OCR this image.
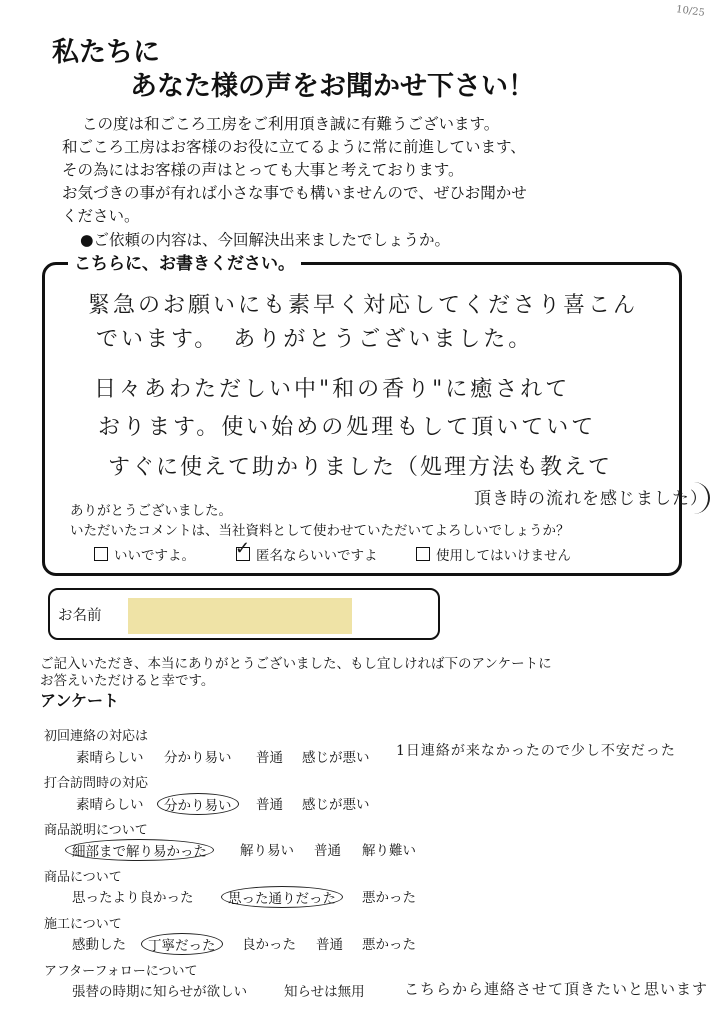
10/25
私たちに
あなた様の声をお聞かせ下さい！
この度は和ごころ工房をご利用頂き誠に有難うございます。
和ごころ工房はお客様のお役に立てるように常に前進しています、
その為にはお客様の声はとっても大事と考えております。
お気づきの事が有れば小さな事でも構いませんので、ぜひお聞かせ
ください。
●ご依頼の内容は、今回解決出来ましたでしょうか。
こちらに、お書きください。
緊急のお願いにも素早く対応してくださり喜こん
でいます。　ありがとうございました。
日々あわただしい中"和の香り"に癒されて
おります。使い始めの処理もして頂いていて
すぐに使えて助かりました（処理方法も教えて
頂き時の流れを感じました）
ありがとうございました。
いただいたコメントは、当社資料として使わせていただいてよろしいでしょうか？
いいですよ。 ✓ 匿名ならいいですよ	使用してはいけません
お名前
ご記入いただき、本当にありがとうございました、もし宜しければ下のアンケートに
お答えいただけると幸です。
アンケート
初回連絡の対応は
素晴らしい 分かり易い 普通 感じが悪い 1日連絡が来なかったので少し不安だった
打合訪問時の対応
素晴らしい	分かり易い	普通 感じが悪い
商品説明について
細部まで解り易かった	解り易い 普通 解り難い
商品について
思ったより良かった	思った通りだった	悪かった
施工について
感動した	丁寧だった	良かった 普通 悪かった
アフターフォローについて
張替の時期に知らせが欲しい	知らせは無用	こちらから連絡させて頂きたいと思います
